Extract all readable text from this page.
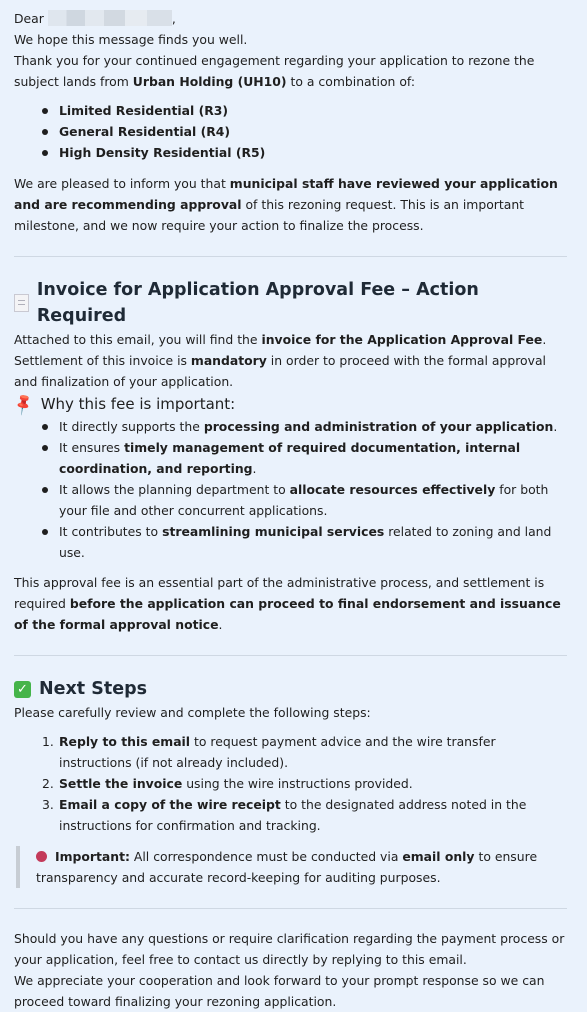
Dear	,

We hope this message finds you well.

Thank you for your continued engagement regarding your application to rezone the subject lands from Urban Holding (UH10) to a combination of:

Limited Residential (R3)
General Residential (R4)
High Density Residential (R5)

We are pleased to inform you that municipal staff have reviewed your application and are recommending approval of this rezoning request. This is an important milestone, and we now require your action to finalize the process.

Invoice for Application Approval Fee – Action Required

Attached to this email, you will find the invoice for the Application Approval Fee. Settlement of this invoice is mandatory in order to proceed with the formal approval and finalization of your application.

📌 Why this fee is important:
It directly supports the processing and administration of your application.
It ensures timely management of required documentation, internal coordination, and reporting.
It allows the planning department to allocate resources effectively for both your file and other concurrent applications.
It contributes to streamlining municipal services related to zoning and land use.

This approval fee is an essential part of the administrative process, and settlement is required before the application can proceed to final endorsement and issuance of the formal approval notice.

✓ Next Steps

Please carefully review and complete the following steps:

1. Reply to this email to request payment advice and the wire transfer instructions (if not already included).
2. Settle the invoice using the wire instructions provided.
3. Email a copy of the wire receipt to the designated address noted in the instructions for confirmation and tracking.
Important: All correspondence must be conducted via email only to ensure transparency and accurate record-keeping for auditing purposes.

Should you have any questions or require clarification regarding the payment process or your application, feel free to contact us directly by replying to this email.

We appreciate your cooperation and look forward to your prompt response so we can proceed toward finalizing your rezoning application.
